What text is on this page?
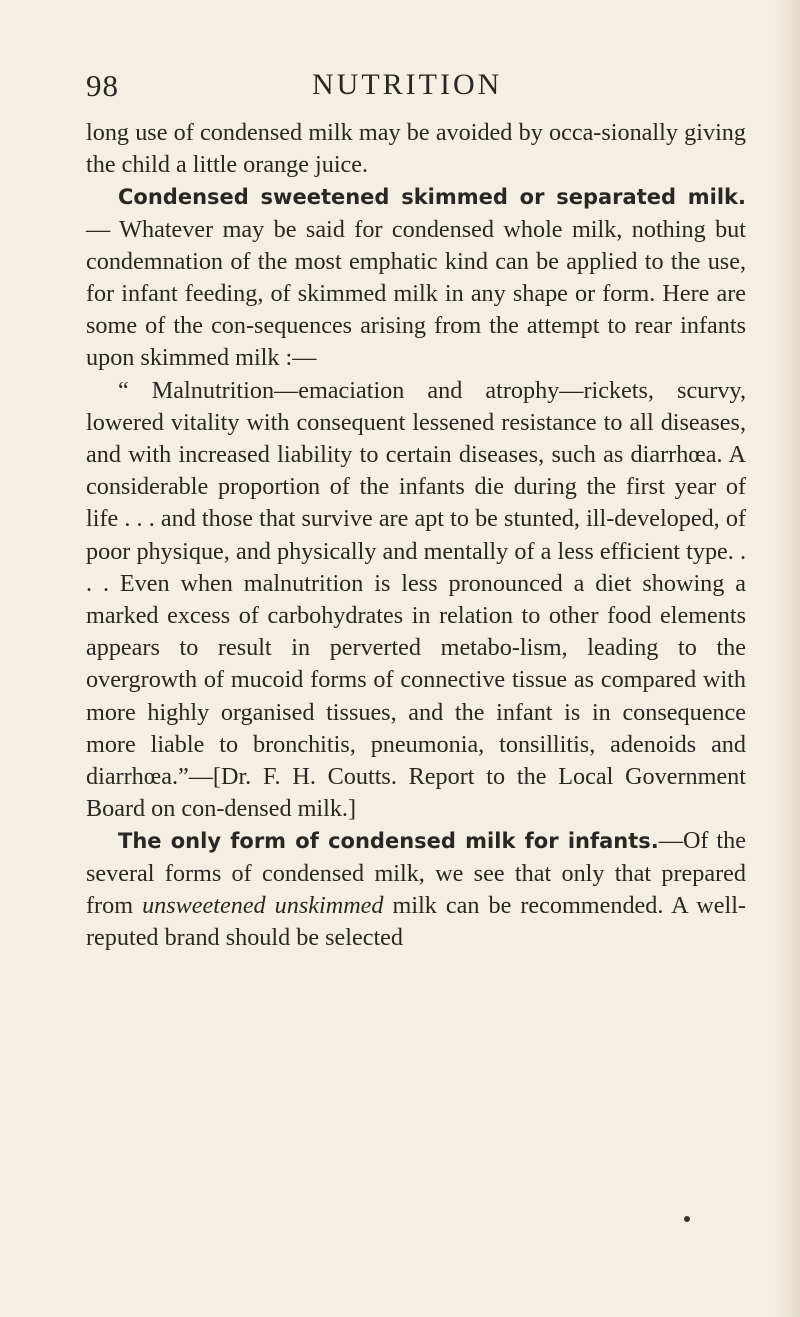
98	NUTRITION

long use of condensed milk may be avoided by occa-sionally giving the child a little orange juice.

Condensed sweetened skimmed or separated milk.— Whatever may be said for condensed whole milk, nothing but condemnation of the most emphatic kind can be applied to the use, for infant feeding, of skimmed milk in any shape or form. Here are some of the con-sequences arising from the attempt to rear infants upon skimmed milk :—

“ Malnutrition—emaciation and atrophy—rickets, scurvy, lowered vitality with consequent lessened resistance to all diseases, and with increased liability to certain diseases, such as diarrhœa. A considerable proportion of the infants die during the first year of life . . . and those that survive are apt to be stunted, ill-developed, of poor physique, and physically and mentally of a less efficient type. . . . Even when malnutrition is less pronounced a diet showing a marked excess of carbohydrates in relation to other food elements appears to result in perverted metabo-lism, leading to the overgrowth of mucoid forms of connective tissue as compared with more highly organised tissues, and the infant is in consequence more liable to bronchitis, pneumonia, tonsillitis, adenoids and diarrhœa.”—[Dr. F. H. Coutts. Report to the Local Government Board on con-densed milk.]

The only form of condensed milk for infants.—Of the several forms of condensed milk, we see that only that prepared from unsweetened unskimmed milk can be recommended. A well-reputed brand should be selected
